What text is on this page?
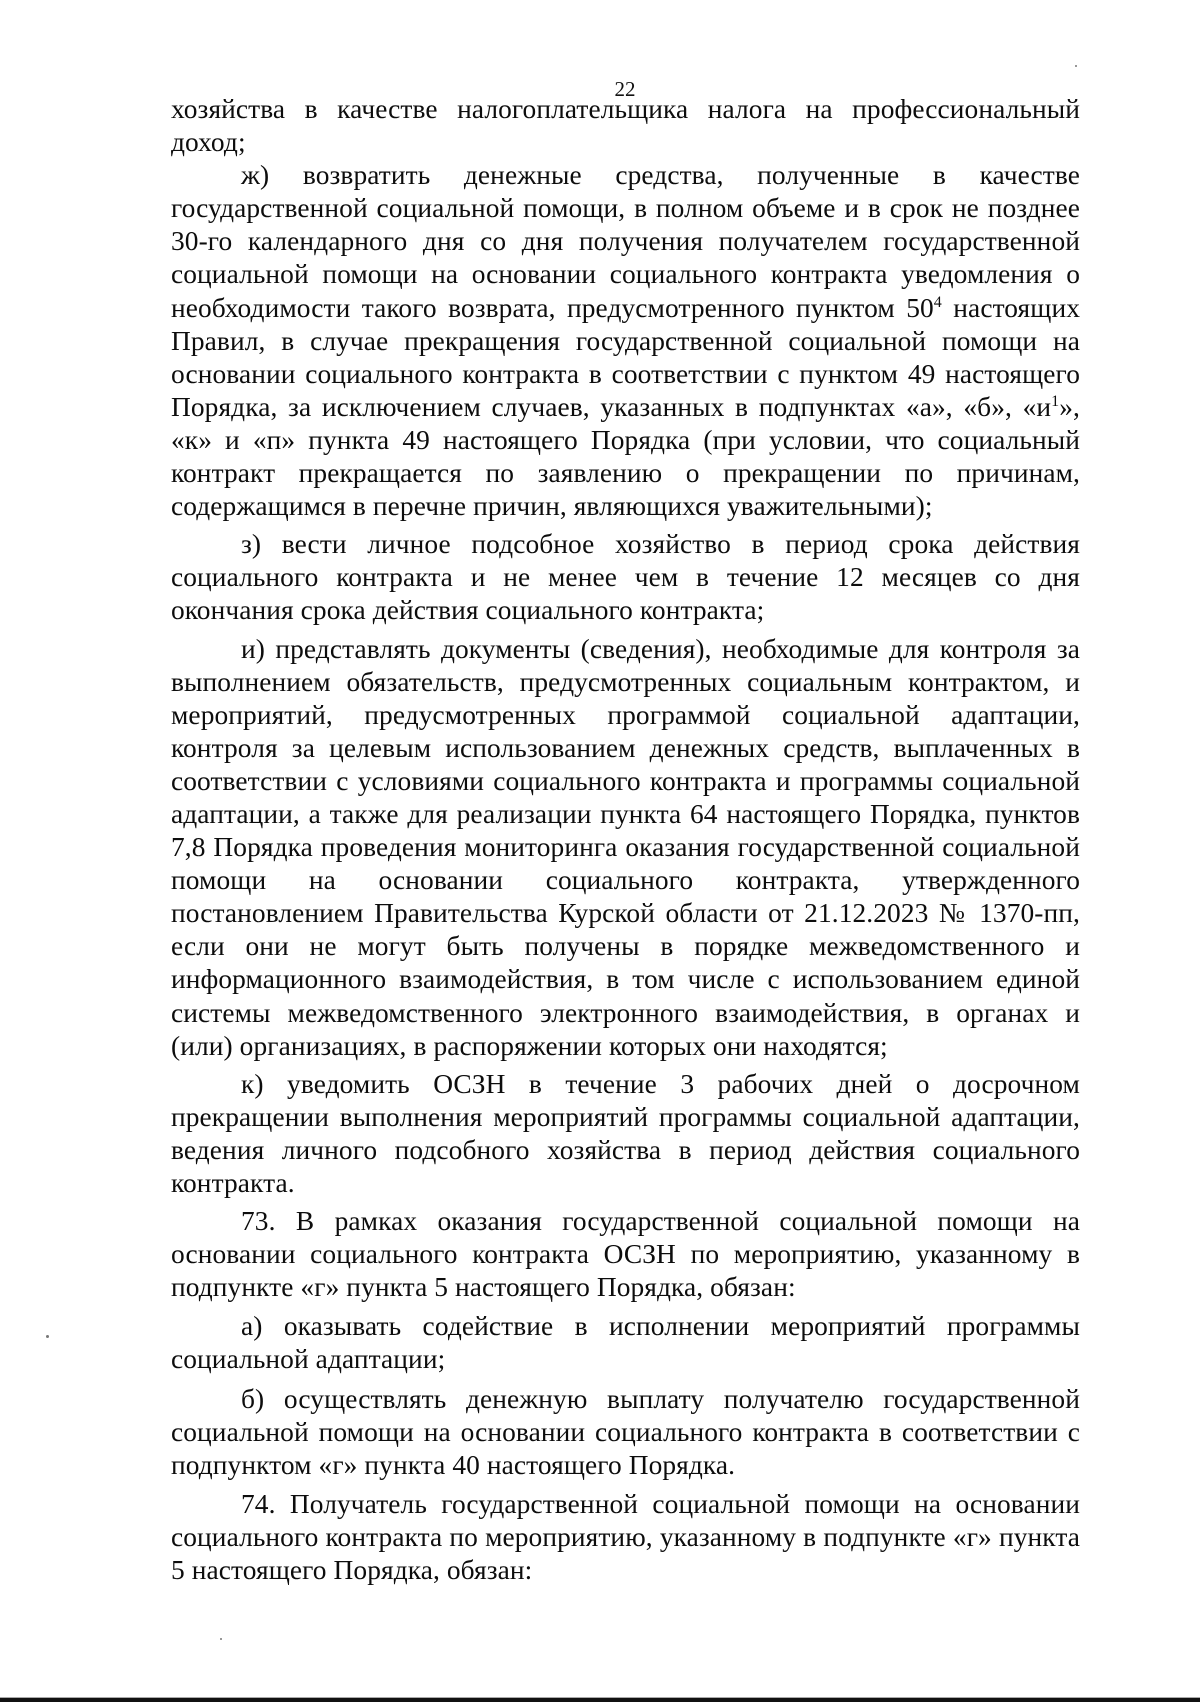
22

хозяйства в качестве налогоплательщика налога на профессиональный доход;

ж) возвратить денежные средства, полученные в качестве государственной социальной помощи, в полном объеме и в срок не позднее 30-го календарного дня со дня получения получателем государственной социальной помощи на основании социального контракта уведомления о необходимости такого возврата, предусмотренного пунктом $50^4$ настоящих Правил, в случае прекращения государственной социальной помощи на основании социального контракта в соответствии с пунктом 49 настоящего Порядка, за исключением случаев, указанных в подпунктах «а», «б», «$и^1$», «к» и «п» пункта 49 настоящего Порядка (при условии, что социальный контракт прекращается по заявлению о прекращении по причинам, содержащимся в перечне причин, являющихся уважительными);

з) вести личное подсобное хозяйство в период срока действия социального контракта и не менее чем в течение 12 месяцев со дня окончания срока действия социального контракта;

и) представлять документы (сведения), необходимые для контроля за выполнением обязательств, предусмотренных социальным контрактом, и мероприятий, предусмотренных программой социальной адаптации, контроля за целевым использованием денежных средств, выплаченных в соответствии с условиями социального контракта и программы социальной адаптации, а также для реализации пункта 64 настоящего Порядка, пунктов 7,8 Порядка проведения мониторинга оказания государственной социальной помощи на основании социального контракта, утвержденного постановлением Правительства Курской области от 21.12.2023 № 1370-пп, если они не могут быть получены в порядке межведомственного и информационного взаимодействия, в том числе с использованием единой системы межведомственного электронного взаимодействия, в органах и (или) организациях, в распоряжении которых они находятся;

к) уведомить ОСЗН в течение 3 рабочих дней о досрочном прекращении выполнения мероприятий программы социальной адаптации, ведения личного подсобного хозяйства в период действия социального контракта.

73. В рамках оказания государственной социальной помощи на основании социального контракта ОСЗН по мероприятию, указанному в подпункте «г» пункта 5 настоящего Порядка, обязан:

а) оказывать содействие в исполнении мероприятий программы социальной адаптации;

б) осуществлять денежную выплату получателю государственной социальной помощи на основании социального контракта в соответствии с подпунктом «г» пункта 40 настоящего Порядка.

74. Получатель государственной социальной помощи на основании социального контракта по мероприятию, указанному в подпункте «г» пункта 5 настоящего Порядка, обязан:
